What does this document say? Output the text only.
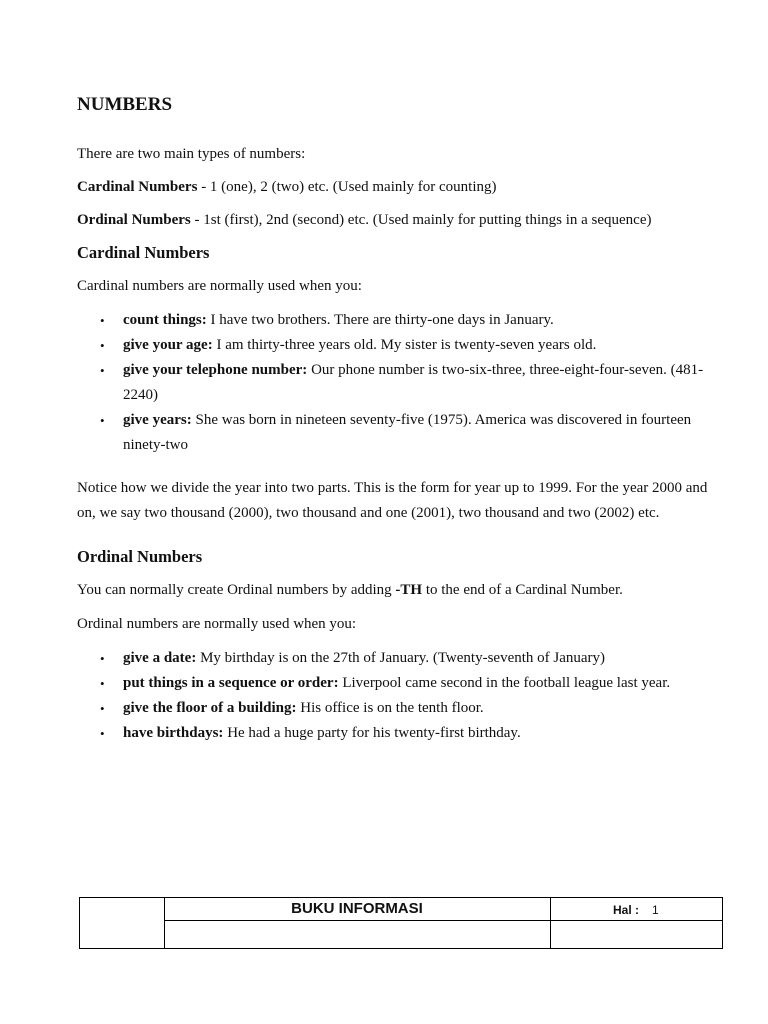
NUMBERS

There are two main types of numbers:

Cardinal Numbers - 1 (one), 2 (two) etc. (Used mainly for counting)

Ordinal Numbers - 1st (first), 2nd (second) etc. (Used mainly for putting things in a sequence)

Cardinal Numbers

Cardinal numbers are normally used when you:

• count things: I have two brothers. There are thirty-one days in January.
• give your age: I am thirty-three years old. My sister is twenty-seven years old.
• give your telephone number: Our phone number is two-six-three, three-eight-four-seven. (481-2240)
• give years: She was born in nineteen seventy-five (1975). America was discovered in fourteen ninety-two

Notice how we divide the year into two parts. This is the form for year up to 1999. For the year 2000 and on, we say two thousand (2000), two thousand and one (2001), two thousand and two (2002) etc.

Ordinal Numbers

You can normally create Ordinal numbers by adding -TH to the end of a Cardinal Number.

Ordinal numbers are normally used when you:

• give a date: My birthday is on the 27th of January. (Twenty-seventh of January)
• put things in a sequence or order: Liverpool came second in the football league last year.
• give the floor of a building: His office is on the tenth floor.
• have birthdays: He had a huge party for his twenty-first birthday.
BUKU INFORMASI	Hal : 1
